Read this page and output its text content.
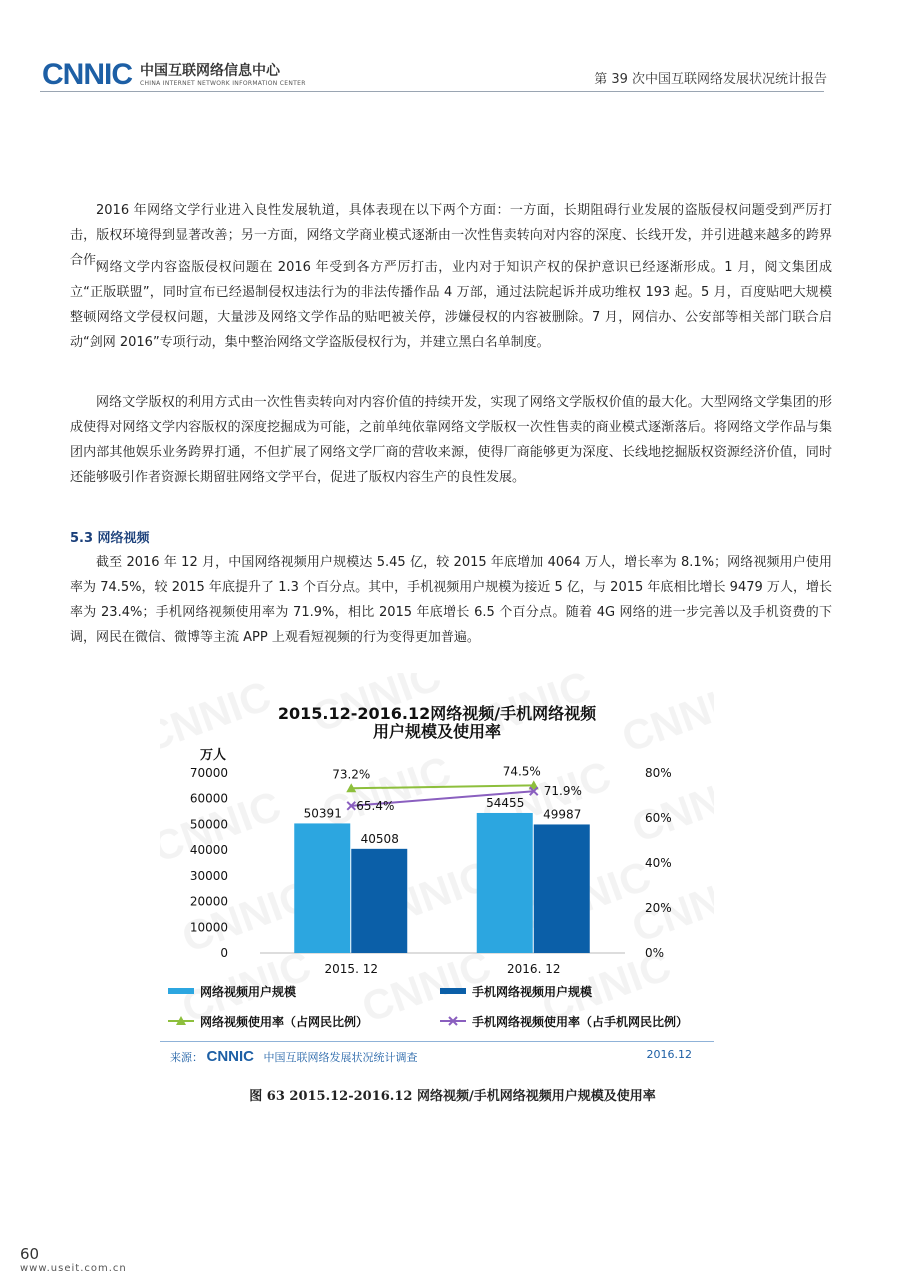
CNNIC 中国互联网络信息中心
CHINA INTERNET NETWORK INFORMATION CENTER	第 39 次中国互联网络发展状况统计报告

2016 年网络文学行业进入良性发展轨道，具体表现在以下两个方面：一方面，长期阻碍行业发展的盗版侵权问题受到严厉打击，版权环境得到显著改善；另一方面，网络文学商业模式逐渐由一次性售卖转向对内容的深度、长线开发，并引进越来越多的跨界合作。

网络文学内容盗版侵权问题在 2016 年受到各方严厉打击，业内对于知识产权的保护意识已经逐渐形成。1 月，阅文集团成立“正版联盟”，同时宣布已经遏制侵权违法行为的非法传播作品 4 万部，通过法院起诉并成功维权 193 起。5 月，百度贴吧大规模整顿网络文学侵权问题，大量涉及网络文学作品的贴吧被关停，涉嫌侵权的内容被删除。7 月，网信办、公安部等相关部门联合启动“剑网 2016”专项行动，集中整治网络文学盗版侵权行为，并建立黑白名单制度。

网络文学版权的利用方式由一次性售卖转向对内容价值的持续开发，实现了网络文学版权价值的最大化。大型网络文学集团的形成使得对网络文学内容版权的深度挖掘成为可能，之前单纯依靠网络文学版权一次性售卖的商业模式逐渐落后。将网络文学作品与集团内部其他娱乐业务跨界打通，不但扩展了网络文学厂商的营收来源，使得厂商能够更为深度、长线地挖掘版权资源经济价值，同时还能够吸引作者资源长期留驻网络文学平台，促进了版权内容生产的良性发展。

5.3 网络视频

截至 2016 年 12 月，中国网络视频用户规模达 5.45 亿，较 2015 年底增加 4064 万人，增长率为 8.1%；网络视频用户使用率为 74.5%，较 2015 年底提升了 1.3 个百分点。其中，手机视频用户规模为接近 5 亿，与 2015 年底相比增长 9479 万人，增长率为 23.4%；手机网络视频使用率为 71.9%，相比 2015 年底增长 6.5 个百分点。随着 4G 网络的进一步完善以及手机资费的下调，网民在微信、微博等主流 APP 上观看短视频的行为变得更加普遍。

2015.12-2016.12网络视频/手机网络视频
用户规模及使用率
万人
70000
60000
50000
40000
30000
20000
10000
0
80%
60%
40%
20%
0%
2015. 12	2016. 12
50391
54455
40508
49987
73.2%	74.5%
65.4%
71.9%
网络视频用户规模	手机网络视频用户规模
网络视频使用率（占网民比例）	手机网络视频使用率（占手机网民比例）
来源： CNNIC 中国互联网络发展状况统计调查	2016.12
图 63 2015.12-2016.12 网络视频/手机网络视频用户规模及使用率
60
www.useit.com.cn
